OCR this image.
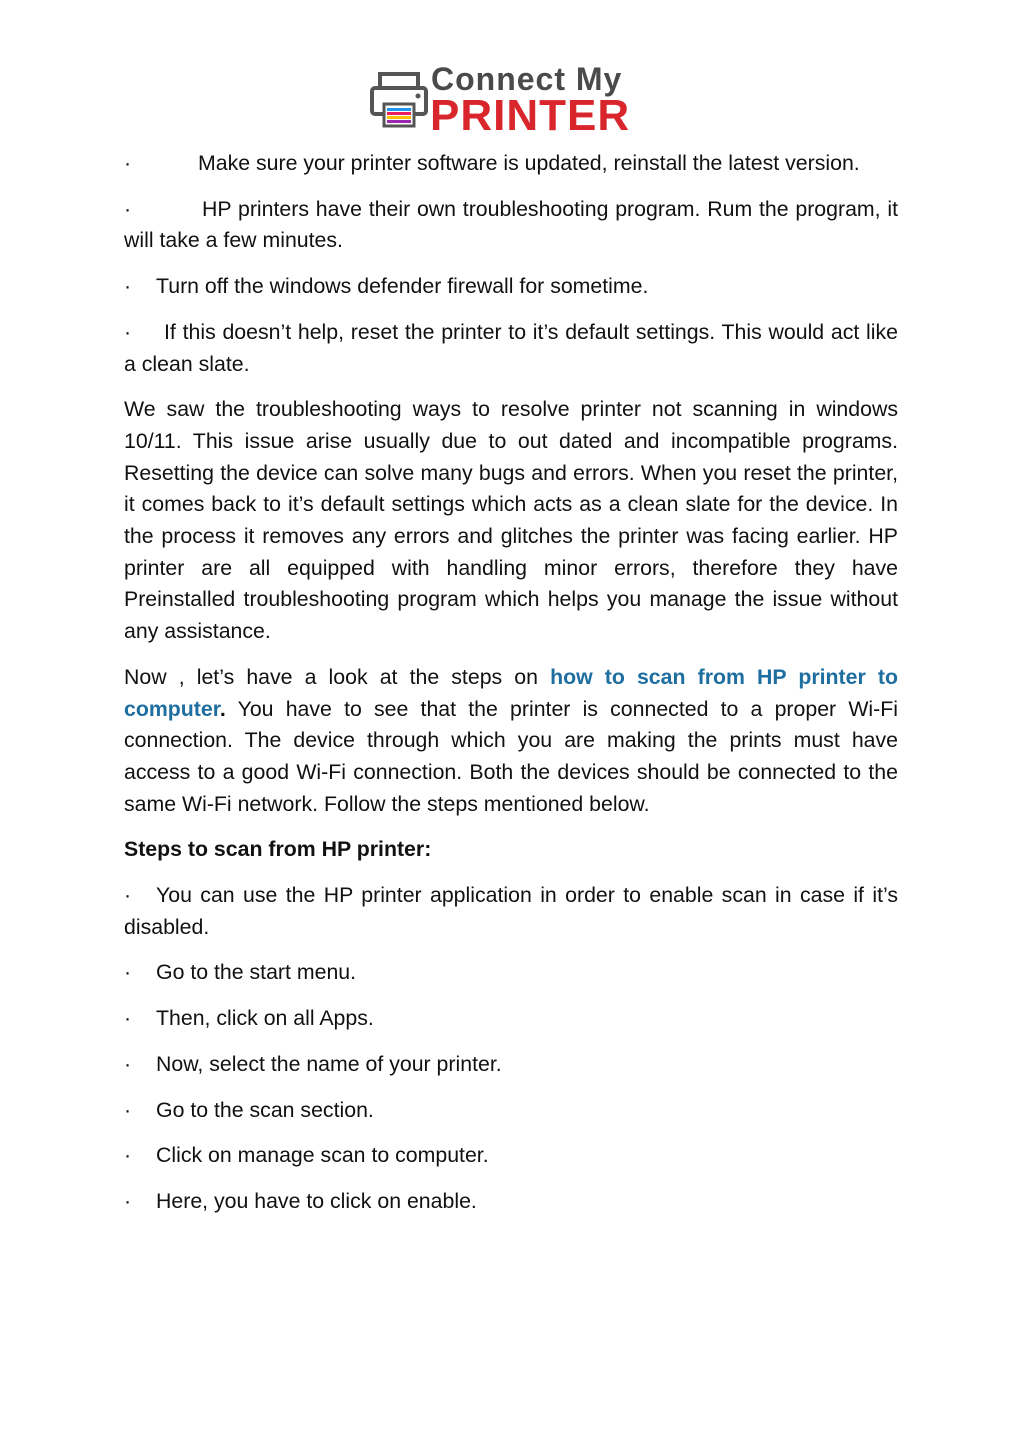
Connect My
PRINTER

·	Make sure your printer software is updated, reinstall the latest version.

·	HP printers have their own troubleshooting program. Rum the program, it will take a few minutes.

· Turn off the windows defender firewall for sometime.

· If this doesn’t help, reset the printer to it’s default settings. This would act like a clean slate.

We saw the troubleshooting ways to resolve printer not scanning in windows 10/11. This issue arise usually due to out dated and incompatible programs. Resetting the device can solve many bugs and errors. When you reset the printer, it comes back to it’s default settings which acts as a clean slate for the device. In the process it removes any errors and glitches the printer was facing earlier. HP printer are all equipped with handling minor errors, therefore they have Preinstalled troubleshooting program which helps you manage the issue without any assistance.

Now , let’s have a look at the steps on how to scan from HP printer to computer. You have to see that the printer is connected to a proper Wi-Fi connection. The device through which you are making the prints must have access to a good Wi-Fi connection. Both the devices should be connected to the same Wi-Fi network. Follow the steps mentioned below.

Steps to scan from HP printer:

· You can use the HP printer application in order to enable scan in case if it’s disabled.

· Go to the start menu.

· Then, click on all Apps.

· Now, select the name of your printer.

· Go to the scan section.

· Click on manage scan to computer.

· Here, you have to click on enable.
